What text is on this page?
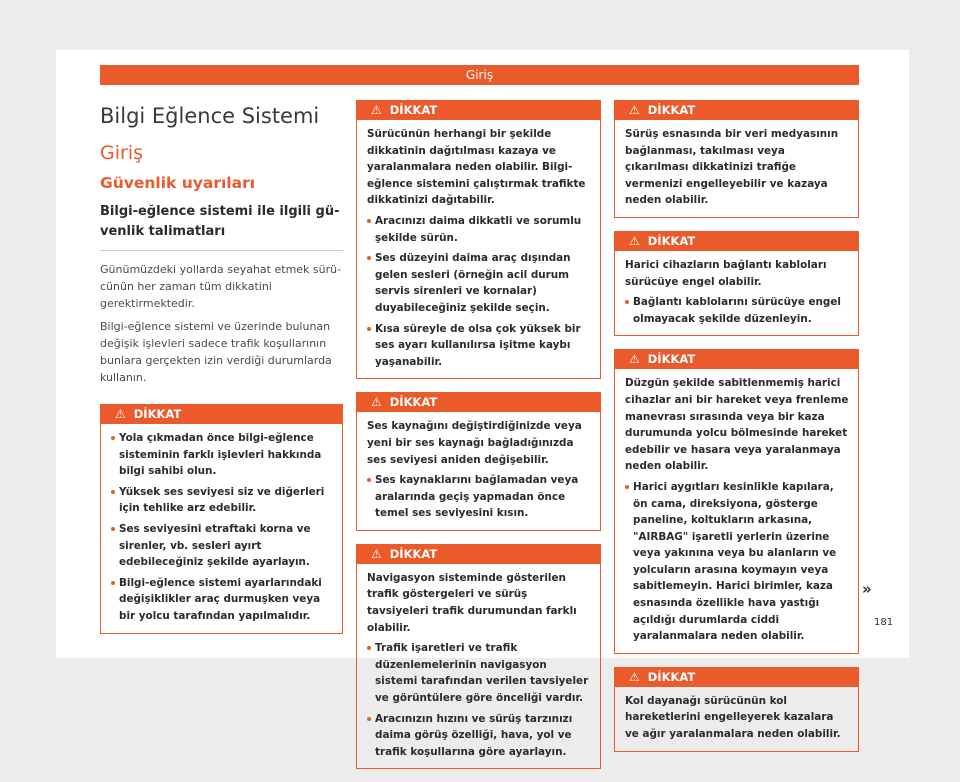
Giriş
Bilgi Eğlence Sistemi
Giriş
Güvenlik uyarıları
Bilgi-eğlence sistemi ile ilgili güvenlik talimatları

Günümüzdeki yollarda seyahat etmek sürücünün her zaman tüm dikkatini gerektirmektedir.

Bilgi-eğlence sistemi ve üzerinde bulunan değişik işlevleri sadece trafik koşullarının bunlara gerçekten izin verdiği durumlarda kullanın.

⚠ DİKKAT
Yola çıkmadan önce bilgi-eğlence sisteminin farklı işlevleri hakkında bilgi sahibi olun.
Yüksek ses seviyesi siz ve diğerleri için tehlike arz edebilir.
Ses seviyesini etraftaki korna ve sirenler, vb. sesleri ayırt edebileceğiniz şekilde ayarlayın.
Bilgi-eğlence sistemi ayarlarındaki değişiklikler araç durmuşken veya bir yolcu tarafından yapılmalıdır.
⚠ DİKKAT

Sürücünün herhangi bir şekilde dikkatinin dağıtılması kazaya ve yaralanmalara neden olabilir. Bilgi-eğlence sistemini çalıştırmak trafikte dikkatinizi dağıtabilir.

Aracınızı daima dikkatli ve sorumlu şekilde sürün.
Ses düzeyini daima araç dışından gelen sesleri (örneğin acil durum servis sirenleri ve kornalar) duyabileceğiniz şekilde seçin.
Kısa süreyle de olsa çok yüksek bir ses ayarı kullanılırsa işitme kaybı yaşanabilir.
⚠ DİKKAT

Ses kaynağını değiştirdiğinizde veya yeni bir ses kaynağı bağladığınızda ses seviyesi aniden değişebilir.

Ses kaynaklarını bağlamadan veya aralarında geçiş yapmadan önce temel ses seviyesini kısın.
⚠ DİKKAT

Navigasyon sisteminde gösterilen trafik göstergeleri ve sürüş tavsiyeleri trafik durumundan farklı olabilir.

Trafik işaretleri ve trafik düzenlemelerinin navigasyon sistemi tarafından verilen tavsiyeler ve görüntülere göre önceliği vardır.
Aracınızın hızını ve sürüş tarzınızı daima görüş özelliği, hava, yol ve trafik koşullarına göre ayarlayın.
⚠ DİKKAT

Sürüş esnasında bir veri medyasının bağlanması, takılması veya çıkarılması dikkatinizi trafiğe vermenizi engelleyebilir ve kazaya neden olabilir.

⚠ DİKKAT

Harici cihazların bağlantı kabloları sürücüye engel olabilir.

Bağlantı kablolarını sürücüye engel olmayacak şekilde düzenleyin.
⚠ DİKKAT

Düzgün şekilde sabitlenmemiş harici cihazlar ani bir hareket veya frenleme manevrası sırasında veya bir kaza durumunda yolcu bölmesinde hareket edebilir ve hasara veya yaralanmaya neden olabilir.

Harici aygıtları kesinlikle kapılara, ön cama, direksiyona, gösterge paneline, koltukların arkasına, "AIRBAG" işaretli yerlerin üzerine veya yakınına veya bu alanların ve yolcuların arasına koymayın veya sabitlemeyin. Harici birimler, kaza esnasında özellikle hava yastığı açıldığı durumlarda ciddi yaralanmalara neden olabilir.
⚠ DİKKAT

Kol dayanağı sürücünün kol hareketlerini engelleyerek kazalara ve ağır yaralanmalara neden olabilir.

»
181
